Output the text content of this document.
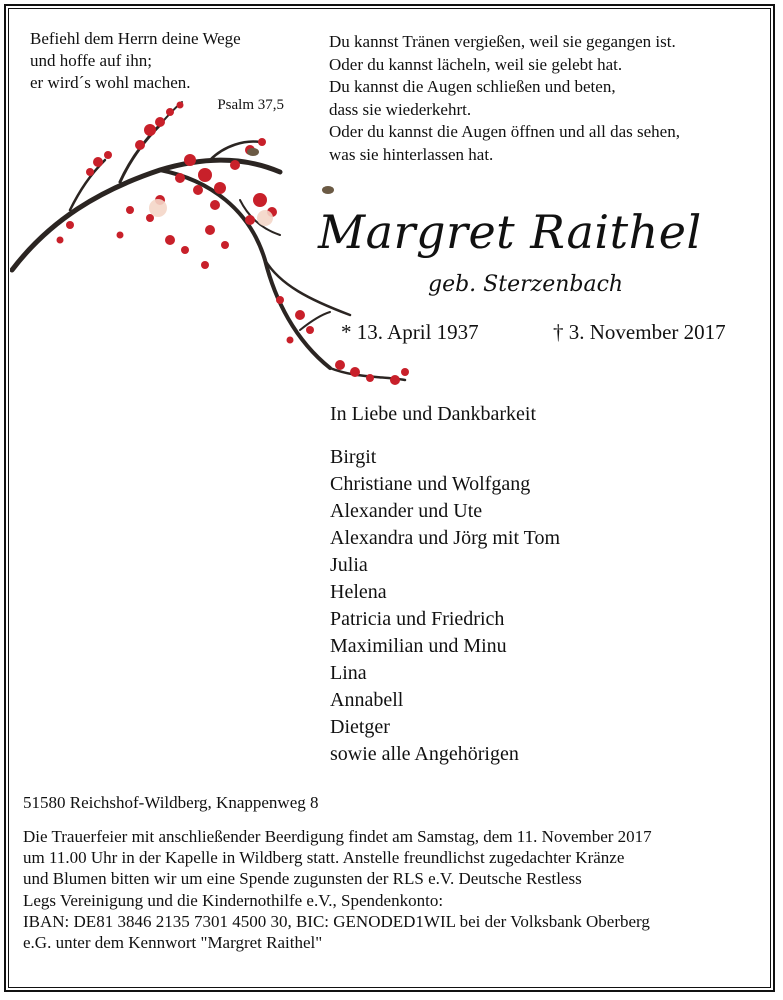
Befiehl dem Herrn deine Wege
und hoffe auf ihn;
er wird´s wohl machen.
Psalm 37,5
Du kannst Tränen vergießen, weil sie gegangen ist.
Oder du kannst lächeln, weil sie gelebt hat.
Du kannst die Augen schließen und beten,
dass sie wiederkehrt.
Oder du kannst die Augen öffnen und all das sehen,
was sie hinterlassen hat.
Margret Raithel
geb. Sterzenbach
* 13. April 1937	† 3. November 2017
In Liebe und Dankbarkeit
Birgit
Christiane und Wolfgang
Alexander und Ute
Alexandra und Jörg mit Tom
Julia
Helena
Patricia und Friedrich
Maximilian und Minu
Lina
Annabell
Dietger
sowie alle Angehörigen
51580 Reichshof-Wildberg, Knappenweg 8
Die Trauerfeier mit anschließender Beerdigung findet am Samstag, dem 11. November 2017
um 11.00 Uhr in der Kapelle in Wildberg statt. Anstelle freundlichst zugedachter Kränze
und Blumen bitten wir um eine Spende zugunsten der RLS e.V. Deutsche Restless
Legs Vereinigung und die Kindernothilfe e.V., Spendenkonto:
IBAN: DE81 3846 2135 7301 4500 30, BIC: GENODED1WIL bei der Volksbank Oberberg
e.G. unter dem Kennwort "Margret Raithel"
